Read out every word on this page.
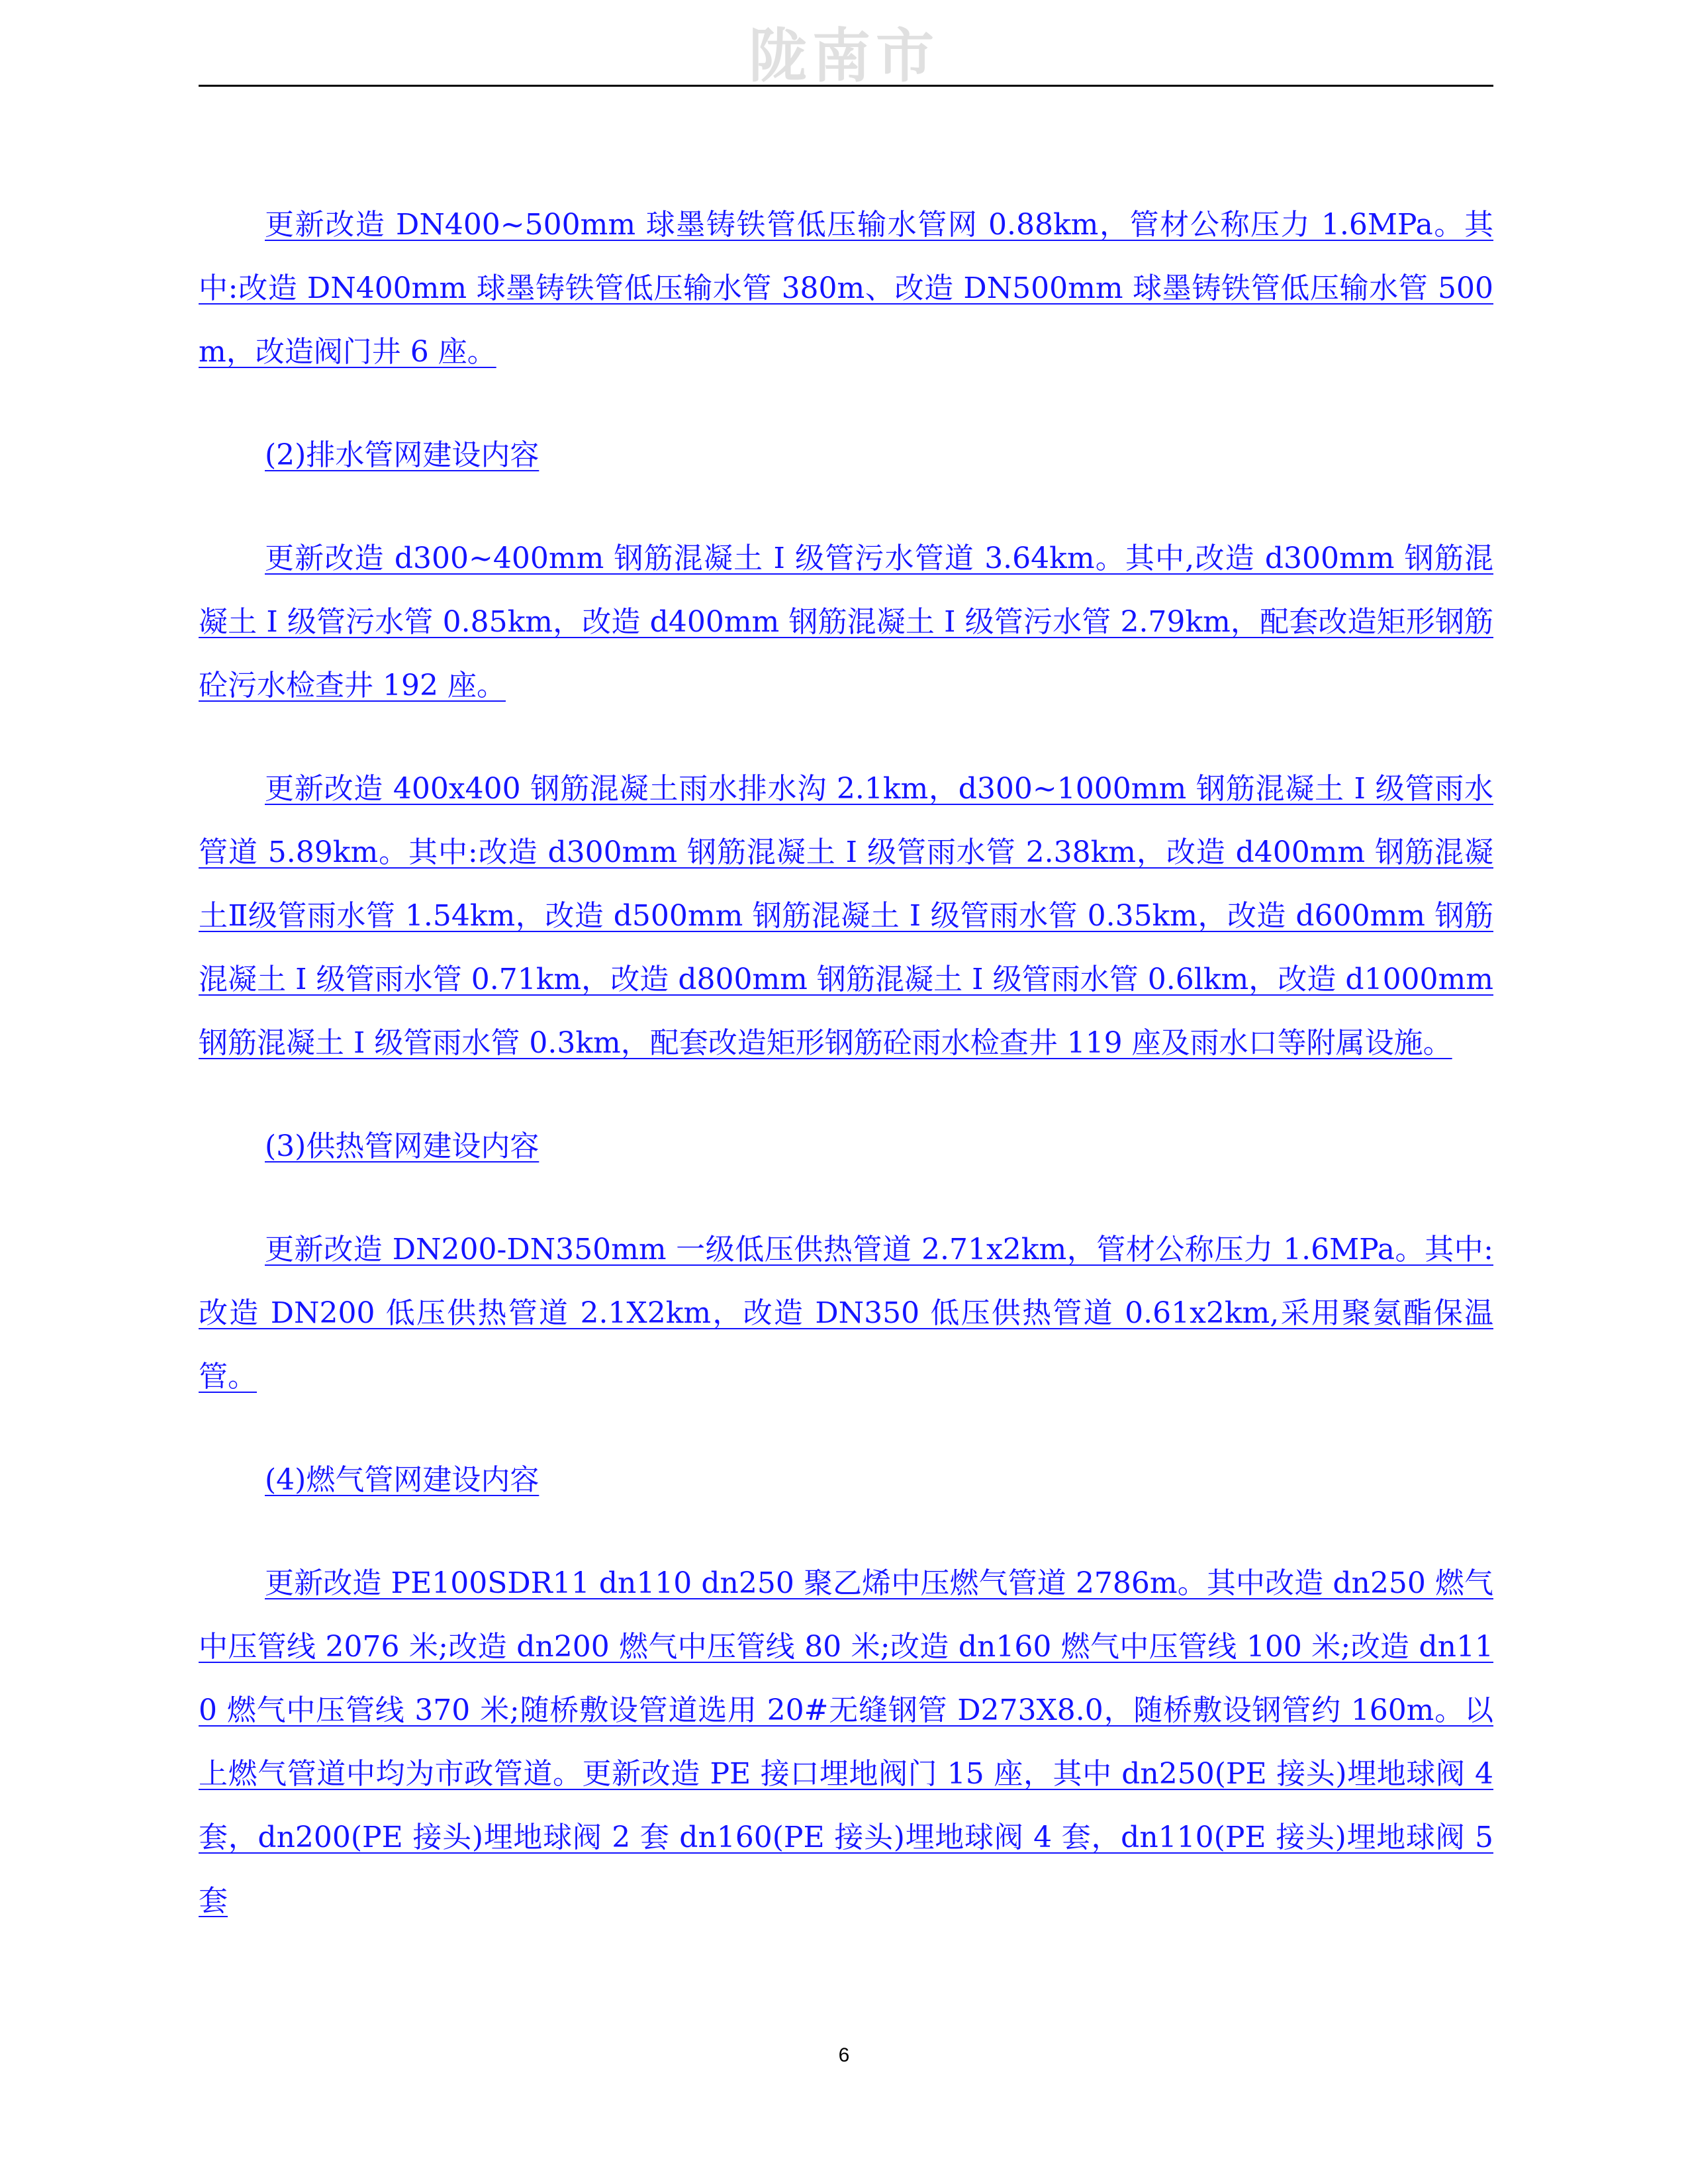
陇南市

更新改造 DN400~500mm 球墨铸铁管低压输水管网 0.88km，管材公称压力 1.6MPa。其中:改造 DN400mm 球墨铸铁管低压输水管 380m、改造 DN500mm 球墨铸铁管低压输水管 500m，改造阀门井 6 座。

(2)排水管网建设内容

更新改造 d300~400mm 钢筋混凝土 I 级管污水管道 3.64km。其中,改造 d300mm 钢筋混凝土 I 级管污水管 0.85km，改造 d400mm 钢筋混凝土 I 级管污水管 2.79km，配套改造矩形钢筋砼污水检查井 192 座。

更新改造 400x400 钢筋混凝土雨水排水沟 2.1km，d300~1000mm 钢筋混凝土 I 级管雨水管道 5.89km。其中:改造 d300mm 钢筋混凝土 I 级管雨水管 2.38km，改造 d400mm 钢筋混凝土Ⅱ级管雨水管 1.54km，改造 d500mm 钢筋混凝土 I 级管雨水管 0.35km，改造 d600mm 钢筋混凝土 I 级管雨水管 0.71km，改造 d800mm 钢筋混凝土 I 级管雨水管 0.6lkm，改造 d1000mm 钢筋混凝土 I 级管雨水管 0.3km，配套改造矩形钢筋砼雨水检查井 119 座及雨水口等附属设施。

(3)供热管网建设内容

更新改造 DN200-DN350mm 一级低压供热管道 2.71x2km，管材公称压力 1.6MPa。其中:改造 DN200 低压供热管道 2.1X2km，改造 DN350 低压供热管道 0.61x2km,采用聚氨酯保温管。

(4)燃气管网建设内容

更新改造 PE100SDR11 dn110 dn250 聚乙烯中压燃气管道 2786m。其中改造 dn250 燃气中压管线 2076 米;改造 dn200 燃气中压管线 80 米;改造 dn160 燃气中压管线 100 米;改造 dn110 燃气中压管线 370 米;随桥敷设管道选用 20#无缝钢管 D273X8.0，随桥敷设钢管约 160m。以上燃气管道中均为市政管道。更新改造 PE 接口埋地阀门 15 座，其中 dn250(PE 接头)埋地球阀 4 套，dn200(PE 接头)埋地球阀 2 套 dn160(PE 接头)埋地球阀 4 套，dn110(PE 接头)埋地球阀 5 套

6
